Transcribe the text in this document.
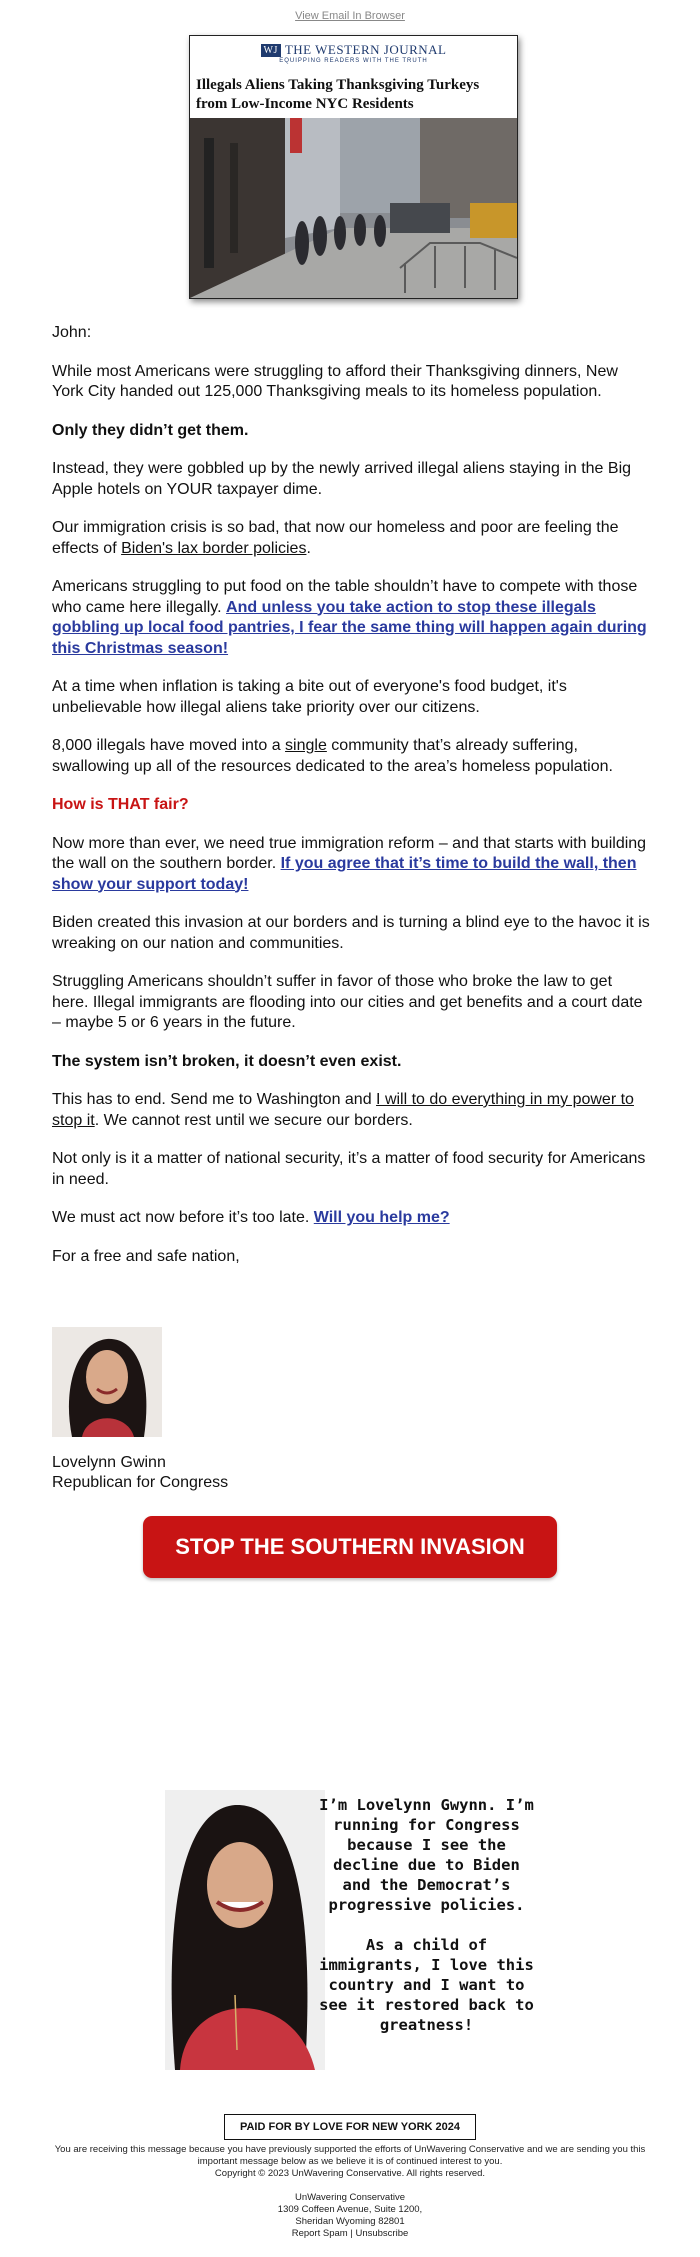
View Email In Browser
WJ THE WESTERN JOURNAL
EQUIPPING READERS WITH THE TRUTH
Illegals Aliens Taking Thanksgiving Turkeys from Low-Income NYC Residents

John:

While most Americans were struggling to afford their Thanksgiving dinners, New York City handed out 125,000 Thanksgiving meals to its homeless population.

Only they didn’t get them.

Instead, they were gobbled up by the newly arrived illegal aliens staying in the Big Apple hotels on YOUR taxpayer dime.

Our immigration crisis is so bad, that now our homeless and poor are feeling the effects of Biden's lax border policies.

Americans struggling to put food on the table shouldn’t have to compete with those who came here illegally. And unless you take action to stop these illegals gobbling up local food pantries, I fear the same thing will happen again during this Christmas season!

At a time when inflation is taking a bite out of everyone's food budget, it's unbelievable how illegal aliens take priority over our citizens.

8,000 illegals have moved into a single community that’s already suffering, swallowing up all of the resources dedicated to the area’s homeless population.

How is THAT fair?

Now more than ever, we need true immigration reform – and that starts with building the wall on the southern border. If you agree that it’s time to build the wall, then show your support today!

Biden created this invasion at our borders and is turning a blind eye to the havoc it is wreaking on our nation and communities.

Struggling Americans shouldn’t suffer in favor of those who broke the law to get here. Illegal immigrants are flooding into our cities and get benefits and a court date – maybe 5 or 6 years in the future.

The system isn’t broken, it doesn’t even exist.

This has to end. Send me to Washington and I will to do everything in my power to stop it. We cannot rest until we secure our borders.

Not only is it a matter of national security, it’s a matter of food security for Americans in need.

We must act now before it’s too late. Will you help me?

For a free and safe nation,

Lovelynn Gwinn
Republican for Congress
STOP THE SOUTHERN INVASION
I’m Lovelynn Gwynn. I’m running for Congress because I see the decline due to Biden and the Democrat’s progressive policies.
As a child of immigrants, I love this country and I want to see it restored back to greatness!
PAID FOR BY LOVE FOR NEW YORK 2024

You are receiving this message because you have previously supported the efforts of UnWavering Conservative and we are sending you this important message below as we believe it is of continued interest to you.

Copyright © 2023 UnWavering Conservative. All rights reserved.

UnWavering Conservative

1309 Coffeen Avenue, Suite 1200,

Sheridan Wyoming 82801

Report Spam | Unsubscribe
